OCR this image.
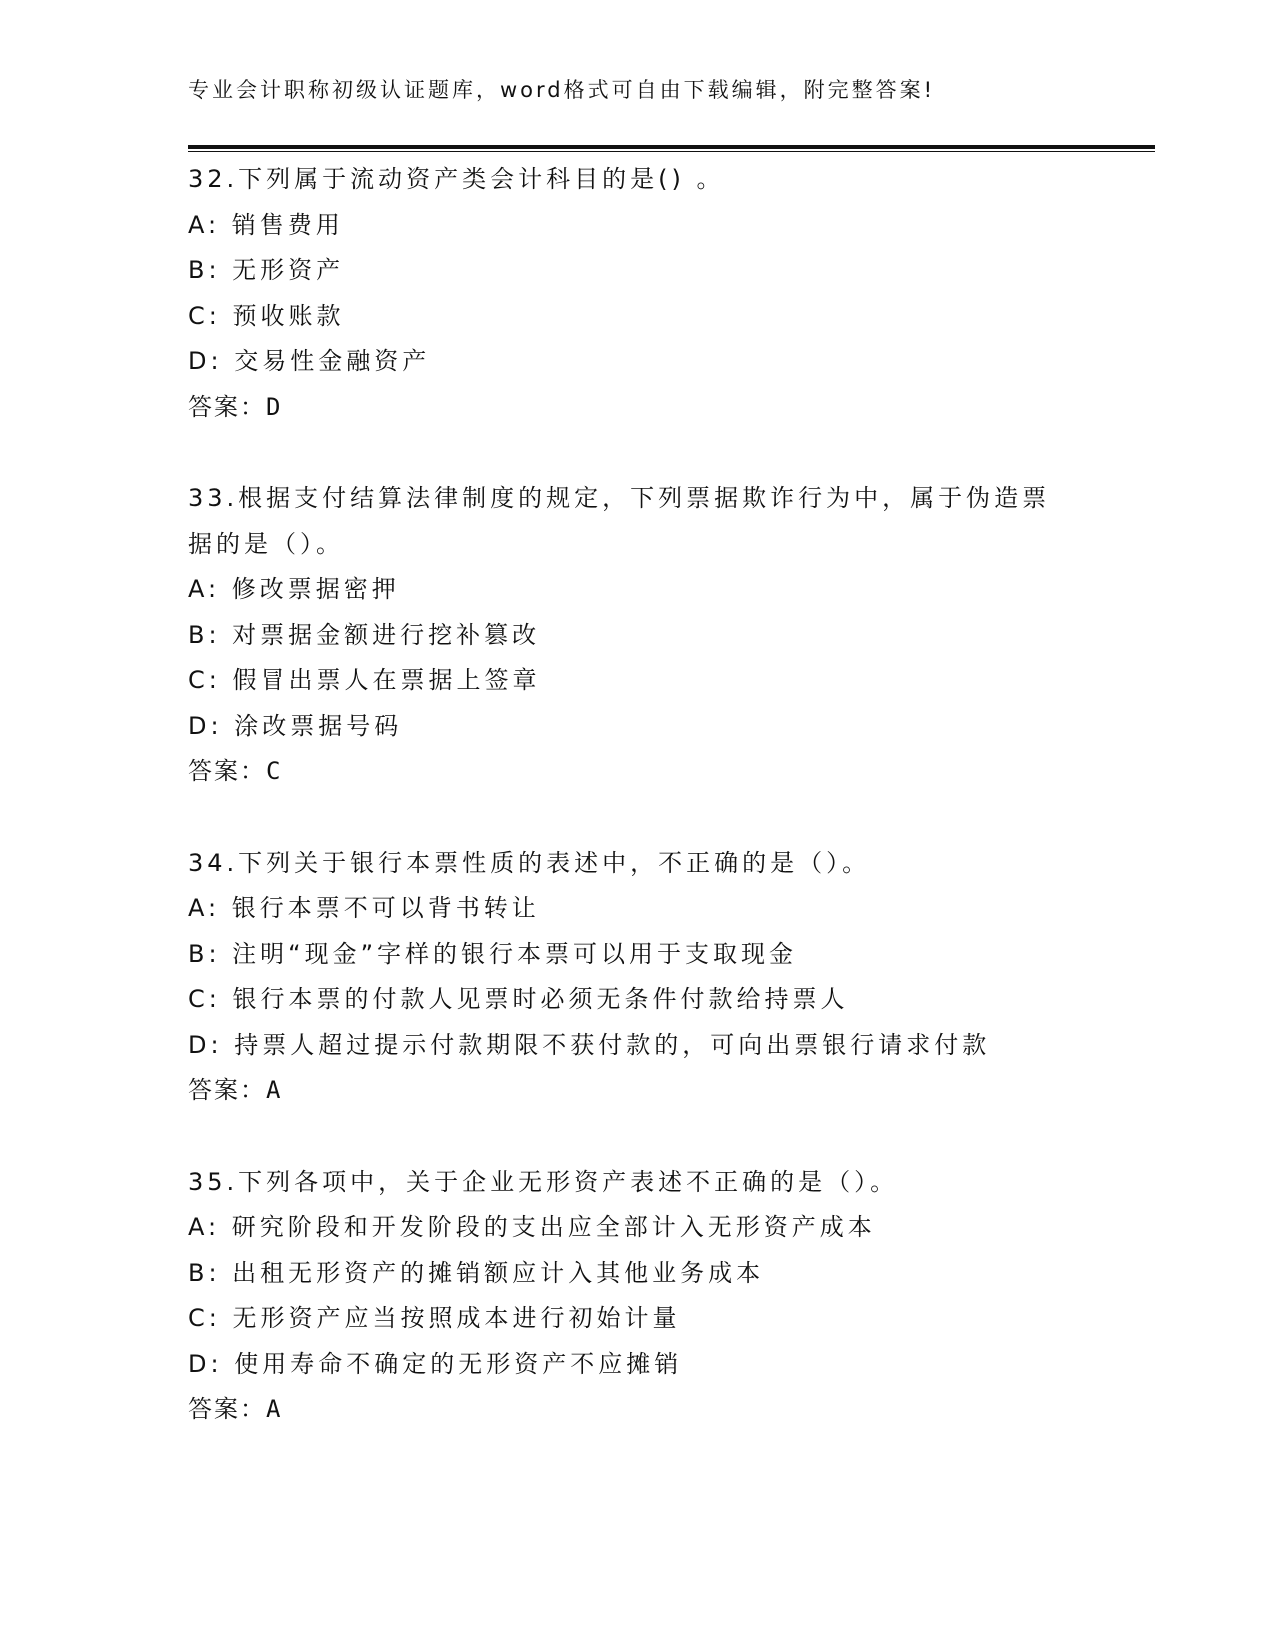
专业会计职称初级认证题库，word格式可自由下载编辑，附完整答案!
32.下列属于流动资产类会计科目的是() 。
A: 销售费用
B: 无形资产
C: 预收账款
D: 交易性金融资产
答案：D
33.根据支付结算法律制度的规定，下列票据欺诈行为中，属于伪造票
据的是（）。
A: 修改票据密押
B: 对票据金额进行挖补篡改
C: 假冒出票人在票据上签章
D: 涂改票据号码
答案：C
34.下列关于银行本票性质的表述中，不正确的是（）。
A: 银行本票不可以背书转让
B: 注明“现金”字样的银行本票可以用于支取现金
C: 银行本票的付款人见票时必须无条件付款给持票人
D: 持票人超过提示付款期限不获付款的，可向出票银行请求付款
答案：A
35.下列各项中，关于企业无形资产表述不正确的是（）。
A: 研究阶段和开发阶段的支出应全部计入无形资产成本
B: 出租无形资产的摊销额应计入其他业务成本
C: 无形资产应当按照成本进行初始计量
D: 使用寿命不确定的无形资产不应摊销
答案：A
